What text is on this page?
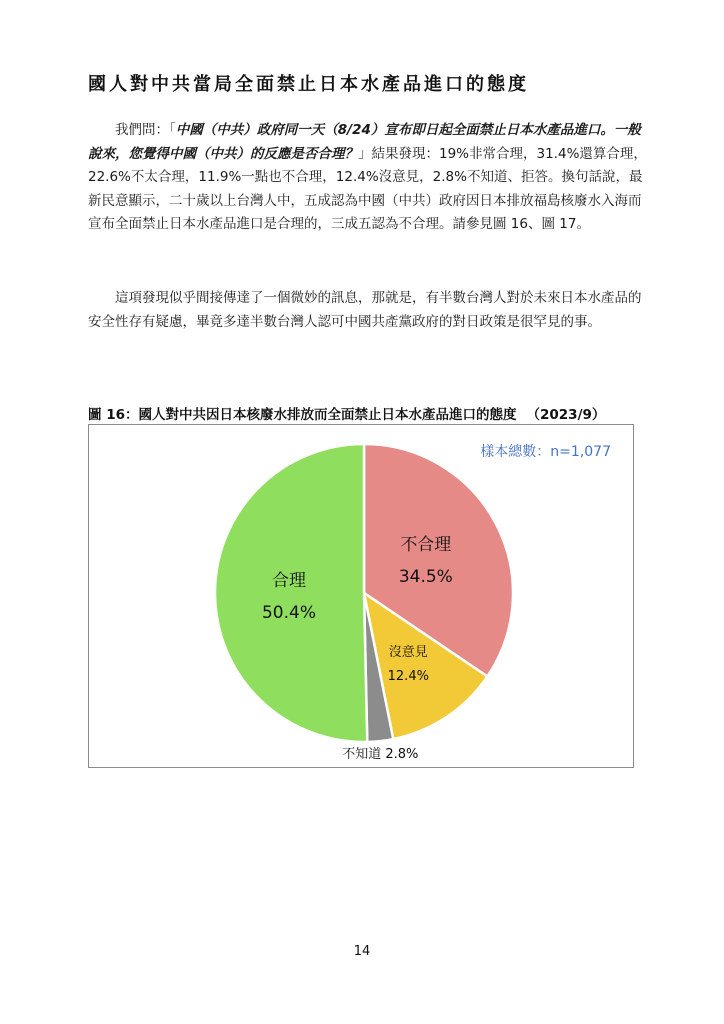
國人對中共當局全面禁止日本水產品進口的態度

我們問：「中國（中共）政府同一天（8/24）宣布即日起全面禁止日本水產品進口。一般說來，您覺得中國（中共）的反應是否合理？」結果發現：19%非常合理，31.4%還算合理，22.6%不太合理，11.9%一點也不合理，12.4%沒意見，2.8%不知道、拒答。換句話說，最新民意顯示，二十歲以上台灣人中，五成認為中國（中共）政府因日本排放福島核廢水入海而宣布全面禁止日本水產品進口是合理的，三成五認為不合理。請參見圖 16、圖 17。

這項發現似乎間接傳達了一個微妙的訊息，那就是，有半數台灣人對於未來日本水產品的安全性存有疑慮，畢竟多達半數台灣人認可中國共產黨政府的對日政策是很罕見的事。

圖 16：國人對中共因日本核廢水排放而全面禁止日本水產品進口的態度 （2023/9）

不合理
34.5%
沒意見
12.4%
不知道 2.8%
合理
50.4%
樣本總數：n=1,077
14
